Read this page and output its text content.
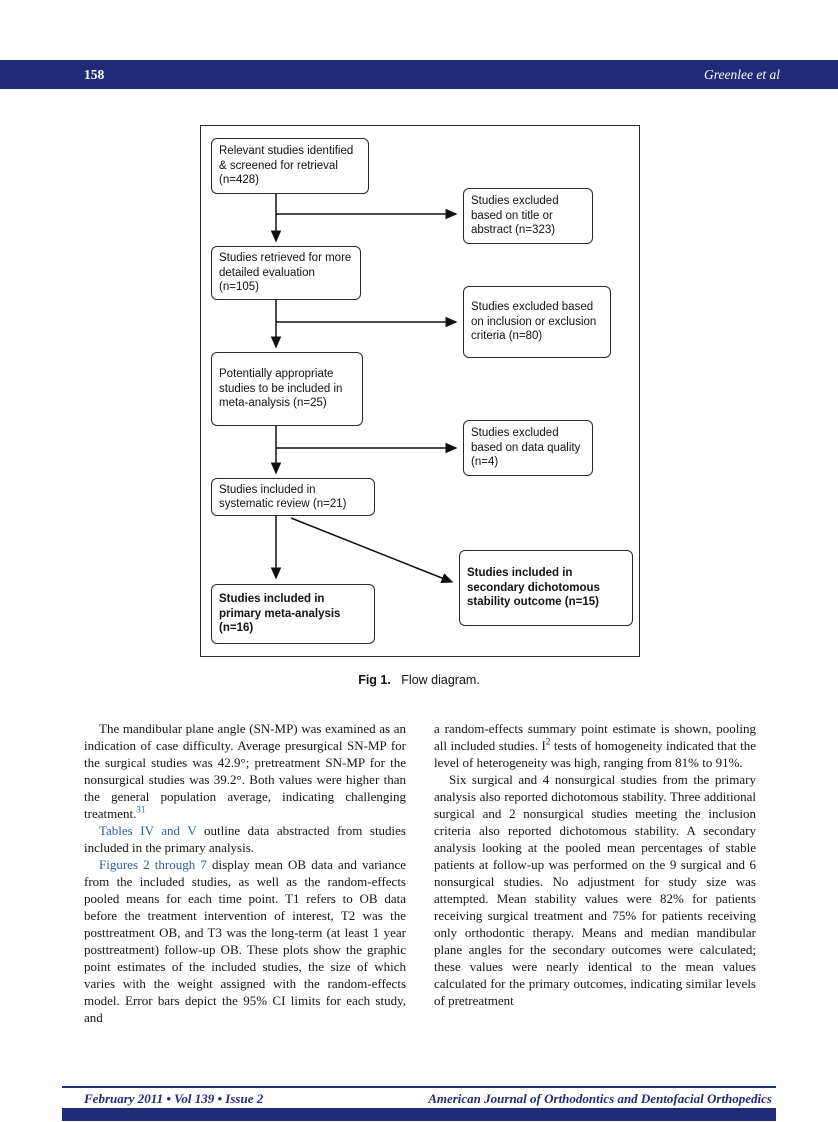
158	Greenlee et al
Relevant studies identified & screened for retrieval (n=428)
Studies excluded based on title or abstract (n=323)
Studies retrieved for more detailed evaluation (n=105)
Studies excluded based on inclusion or exclusion criteria (n=80)
Potentially appropriate studies to be included in meta-analysis (n=25)
Studies excluded based on data quality (n=4)
Studies included in systematic review (n=21)
Studies included in primary meta-analysis (n=16)
Studies included in secondary dichotomous stability outcome (n=15)
Fig 1. Flow diagram.

The mandibular plane angle (SN-MP) was examined as an indication of case difficulty. Average presurgical SN-MP for the surgical studies was 42.9°; pretreatment SN-MP for the nonsurgical studies was 39.2°. Both values were higher than the general population average, indicating challenging treatment.$^{31}$

Tables IV and V outline data abstracted from studies included in the primary analysis.

Figures 2 through 7 display mean OB data and variance from the included studies, as well as the random-effects pooled means for each time point. T1 refers to OB data before the treatment intervention of interest, T2 was the posttreatment OB, and T3 was the long-term (at least 1 year posttreatment) follow-up OB. These plots show the graphic point estimates of the included studies, the size of which varies with the weight assigned with the random-effects model. Error bars depict the 95% CI limits for each study, and

a random-effects summary point estimate is shown, pooling all included studies. $I^2$ tests of homogeneity indicated that the level of heterogeneity was high, ranging from 81% to 91%.

Six surgical and 4 nonsurgical studies from the primary analysis also reported dichotomous stability. Three additional surgical and 2 nonsurgical studies meeting the inclusion criteria also reported dichotomous stability. A secondary analysis looking at the pooled mean percentages of stable patients at follow-up was performed on the 9 surgical and 6 nonsurgical studies. No adjustment for study size was attempted. Mean stability values were 82% for patients receiving surgical treatment and 75% for patients receiving only orthodontic therapy. Means and median mandibular plane angles for the secondary outcomes were calculated; these values were nearly identical to the mean values calculated for the primary outcomes, indicating similar levels of pretreatment

February 2011 • Vol 139 • Issue 2	American Journal of Orthodontics and Dentofacial Orthopedics
